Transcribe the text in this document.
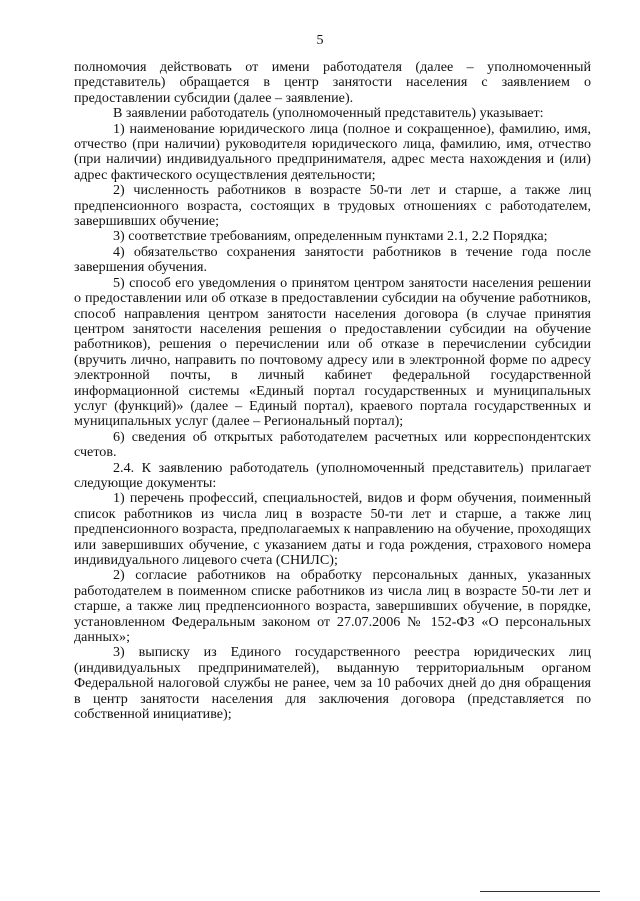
5

полномочия действовать от имени работодателя (далее – уполномоченный представитель) обращается в центр занятости населения с заявлением о предоставлении субсидии (далее – заявление).

В заявлении работодатель (уполномоченный представитель) указывает:

1) наименование юридического лица (полное и сокращенное), фамилию, имя, отчество (при наличии) руководителя юридического лица, фамилию, имя, отчество (при наличии) индивидуального предпринимателя, адрес места нахождения и (или) адрес фактического осуществления деятельности;

2) численность работников в возрасте 50-ти лет и старше, а также лиц предпенсионного возраста, состоящих в трудовых отношениях с работодателем, завершивших обучение;

3) соответствие требованиям, определенным пунктами 2.1, 2.2 Порядка;

4) обязательство сохранения занятости работников в течение года после завершения обучения.

5) способ его уведомления о принятом центром занятости населения решении о предоставлении или об отказе в предоставлении субсидии на обучение работников, способ направления центром занятости населения договора (в случае принятия центром занятости населения решения о предоставлении субсидии на обучение работников), решения о перечислении или об отказе в перечислении субсидии (вручить лично, направить по почтовому адресу или в электронной форме по адресу электронной почты, в личный кабинет федеральной государственной информационной системы «Единый портал государственных и муниципальных услуг (функций)» (далее – Единый портал), краевого портала государственных и муниципальных услуг (далее – Региональный портал);

6) сведения об открытых работодателем расчетных или корреспондентских счетов.

2.4. К заявлению работодатель (уполномоченный представитель) прилагает следующие документы:

1) перечень профессий, специальностей, видов и форм обучения, поименный список работников из числа лиц в возрасте 50-ти лет и старше, а также лиц предпенсионного возраста, предполагаемых к направлению на обучение, проходящих или завершивших обучение, с указанием даты и года рождения, страхового номера индивидуального лицевого счета (СНИЛС);

2) согласие работников на обработку персональных данных, указанных работодателем в поименном списке работников из числа лиц в возрасте 50-ти лет и старше, а также лиц предпенсионного возраста, завершивших обучение, в порядке, установленном Федеральным законом от 27.07.2006 № 152-ФЗ «О персональных данных»;

3) выписку из Единого государственного реестра юридических лиц (индивидуальных предпринимателей), выданную территориальным органом Федеральной налоговой службы не ранее, чем за 10 рабочих дней до дня обращения в центр занятости населения для заключения договора (представляется по собственной инициативе);
